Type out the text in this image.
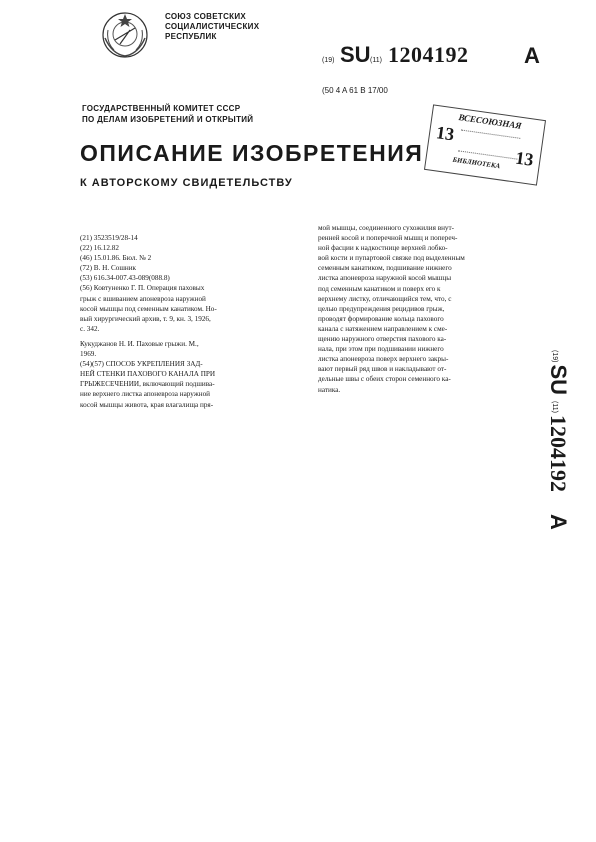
СОЮЗ СОВЕТСКИХ
СОЦИАЛИСТИЧЕСКИХ
РЕСПУБЛИК
(19) SU (11) 1204192	A
(50 4 A 61 B 17/00
ГОСУДАРСТВЕННЫЙ КОМИТЕТ СССР
ПО ДЕЛАМ ИЗОБРЕТЕНИЙ И ОТКРЫТИЙ	ВСЕСОЮЗНАЯ
13
13
БИБЛИОТЕКА
ОПИСАНИЕ ИЗОБРЕТЕНИЯ
К АВТОРСКОМУ СВИДЕТЕЛЬСТВУ
(21) 3523519/28-14
(22) 16.12.82
(46) 15.01.86. Бюл. № 2
(72) В. Н. Сошник
(53) 616.34-007.43-089(088.8)
(56) Ковтуненко Г. П. Операция паховых
грыж с вшиванием апоневроза наружной
косой мышцы под семенным канатиком. Но-
вый хирургический архив, т. 9, кн. 3, 1926,
с. 342.
Кукуджанов Н. И. Паховые грыжи. М.,
1969.
(54)(57) СПОСОБ УКРЕПЛЕНИЯ ЗАД-
НЕЙ СТЕНКИ ПАХОВОГО КАНАЛА ПРИ
ГРЫЖЕСЕЧЕНИИ, включающий подшива-
ние верхнего листка апоневроза наружной
косой мышцы живота, края влагалища пря-
мой мышцы, соединенного сухожилия внут-
ренней косой и поперечной мышц и попереч-
ной фасции к надкостнице верхней лобко-
вой кости и пупартовой связке под выделенным
семенным канатиком, подшивание нижнего
листка апоневроза наружной косой мышцы
под семенным канатиком и поверх его к
верхнему листку, отличающийся тем, что, с
целью предупреждения рецидивов грыж,
проводят формирование кольца пахового
канала с натяжением направлением к сме-
щению наружного отверстия пахового ка-
нала, при этом при подшивании нижнего
листка апоневроза поверх верхнего закры-
вают первый ряд швов и накладывают от-
дельные швы с обеих сторон семенного ка-
натика.
(19)
SU
(11)
1204192
A
